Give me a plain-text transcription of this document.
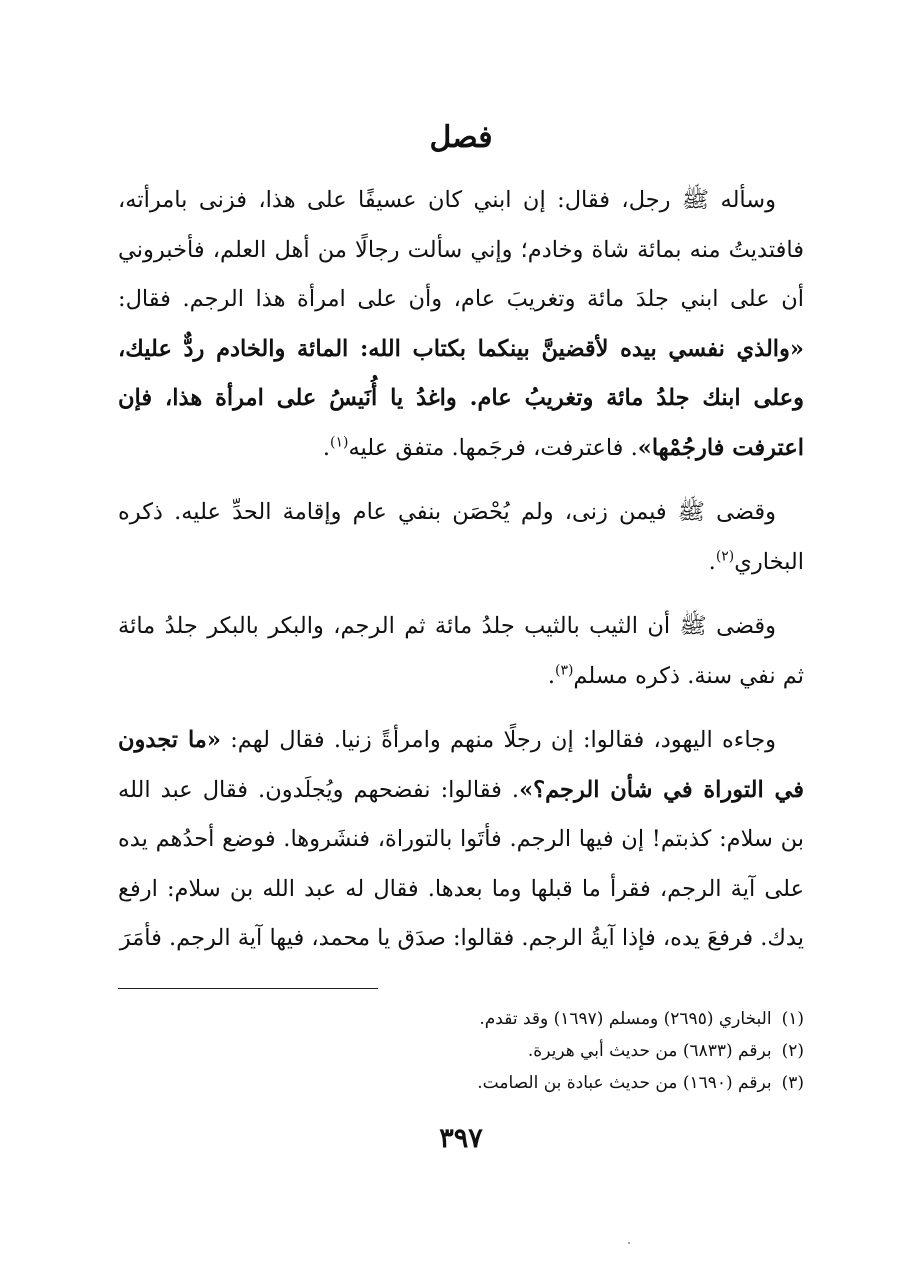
فصل

وسأله ﷺ رجل، فقال: إن ابني كان عسيفًا على هذا، فزنى بامرأته، فافتديتُ منه بمائة شاة وخادم؛ وإني سألت رجالًا من أهل العلم، فأخبروني أن على ابني جلدَ مائة وتغريبَ عام، وأن على امرأة هذا الرجم. فقال: «والذي نفسي بيده لأقضينَّ بينكما بكتاب الله: المائة والخادم ردٌّ عليك، وعلى ابنك جلدُ مائة وتغريبُ عام. واغدُ يا أُنَيسُ على امرأة هذا، فإن اعترفت فارجُمْها». فاعترفت، فرجَمها. متفق عليه$^{(١)}$.

وقضى ﷺ فيمن زنى، ولم يُحْصَن بنفي عام وإقامة الحدِّ عليه. ذكره البخاري$^{(٢)}$.

وقضى ﷺ أن الثيب بالثيب جلدُ مائة ثم الرجم، والبكر بالبكر جلدُ مائة ثم نفي سنة. ذكره مسلم$^{(٣)}$.

وجاءه اليهود، فقالوا: إن رجلًا منهم وامرأةً زنيا. فقال لهم: «ما تجدون في التوراة في شأن الرجم؟». فقالوا: نفضحهم ويُجلَدون. فقال عبد الله بن سلام: كذبتم! إن فيها الرجم. فأتَوا بالتوراة، فنشَروها. فوضع أحدُهم يده على آية الرجم، فقرأ ما قبلها وما بعدها. فقال له عبد الله بن سلام: ارفع يدك. فرفعَ يده، فإذا آيةُ الرجم. فقالوا: صدَق يا محمد، فيها آية الرجم. فأمَرَ

(١)البخاري (٢٦٩٥) ومسلم (١٦٩٧) وقد تقدم.
(٢)برقم (٦٨٣٣) من حديث أبي هريرة.
(٣)برقم (١٦٩٠) من حديث عبادة بن الصامت.
٣٩٧
